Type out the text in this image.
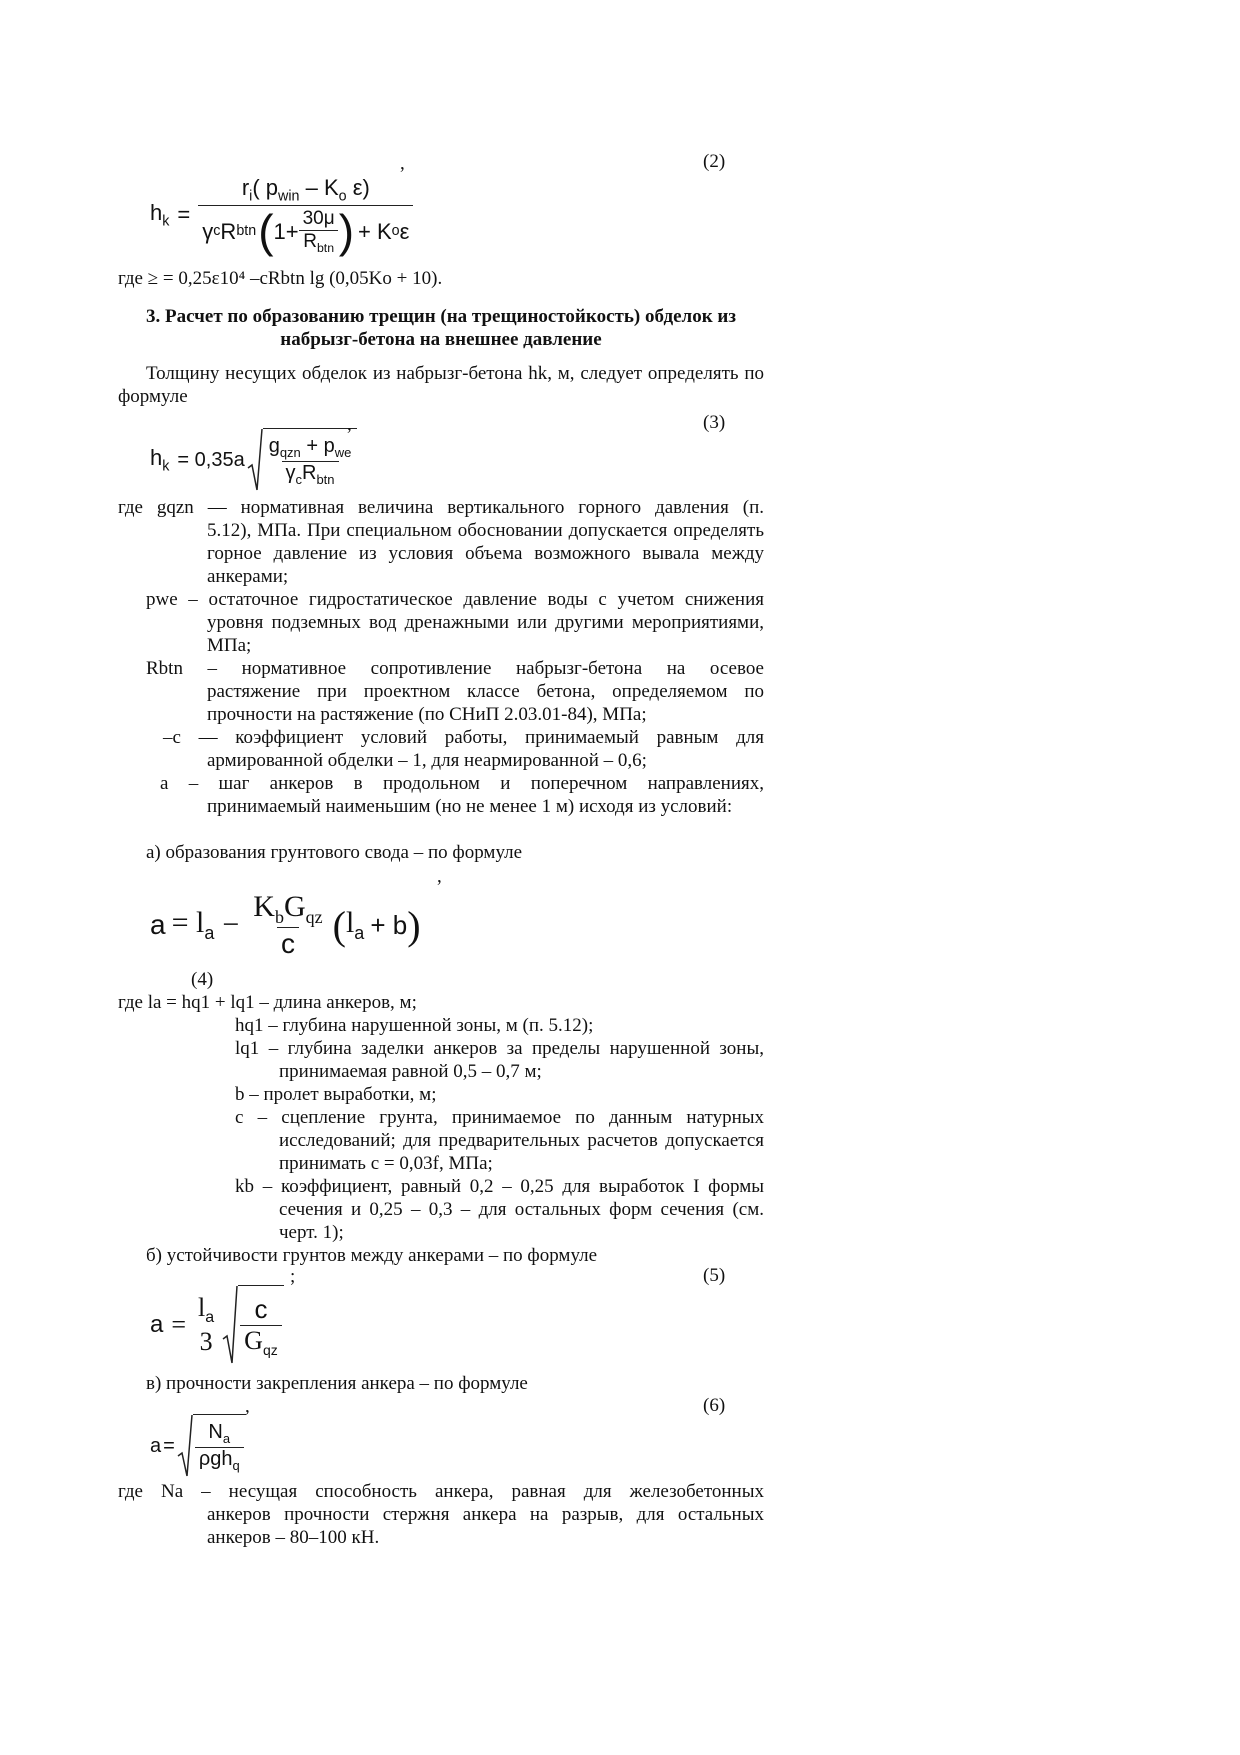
$h_k$ =
$r_i$( $p_{win} - K_o$ ε)
γ c R btn ( $1+ \frac{30\mu}{R_{btn}}$ ) + K o ε
,	(2)
где ≥ = 0,25ε10⁴ –cRbtn lg (0,05Ko + 10).
3. Расчет по образованию трещин (на трещиностойкость) обделок из набрызг-бетона на внешнее давление
Толщину несущих обделок из набрызг-бетона hk, м, следует определять по формуле
$h_k = 0,35a \frac{g_{qzn} + p_{we}}{\gamma_cR_{btn}}$
,	(3)
где gqzn — нормативная величина вертикального горного давления (п.
5.12), МПа. При специальном обосновании допускается определять горное давление из условия объема возможного вывала между анкерами;
pwe – остаточное гидростатическое давление воды с учетом снижения
уровня подземных вод дренажными или другими мероприятиями, МПа;
Rbtn – нормативное сопротивление набрызг-бетона на осевое
растяжение при проектном классе бетона, определяемом по прочности на растяжение (по СНиП 2.03.01-84), МПа;
–c — коэффициент условий работы, принимаемый равным для
армированной обделки – 1, для неармированной – 0,6;
a – шаг анкеров в продольном и поперечном направлениях,
принимаемый наименьшим (но не менее 1 м) исходя из условий:
а) образования грунтового свода – по формуле
$a = l_a - \frac{K_bG_{qz}}{c}$ ( $l_a + b$ )
,
(4)
где la = hq1 + lq1 – длина анкеров, м;
hq1 – глубина нарушенной зоны, м (п. 5.12);
lq1 – глубина заделки анкеров за пределы нарушенной зоны,
принимаемая равной 0,5 – 0,7 м;
b – пролет выработки, м;
c – сцепление грунта, принимаемое по данным натурных
исследований; для предварительных расчетов допускается принимать c = 0,03f, МПа;
kb – коэффициент, равный 0,2 – 0,25 для выработок I формы
сечения и 0,25 – 0,3 – для остальных форм сечения (см. черт. 1);
б) устойчивости грунтов между анкерами – по формуле
a =
$l_a$
$3 \frac{c}{G_{qz}}$
;	(5)
в) прочности закрепления анкера – по формуле
$a = \frac{N_a}{\rho gh_q}$
,	(6)
где Na – несущая способность анкера, равная для железобетонных
анкеров прочности стержня анкера на разрыв, для остальных анкеров – 80–100 кН.
